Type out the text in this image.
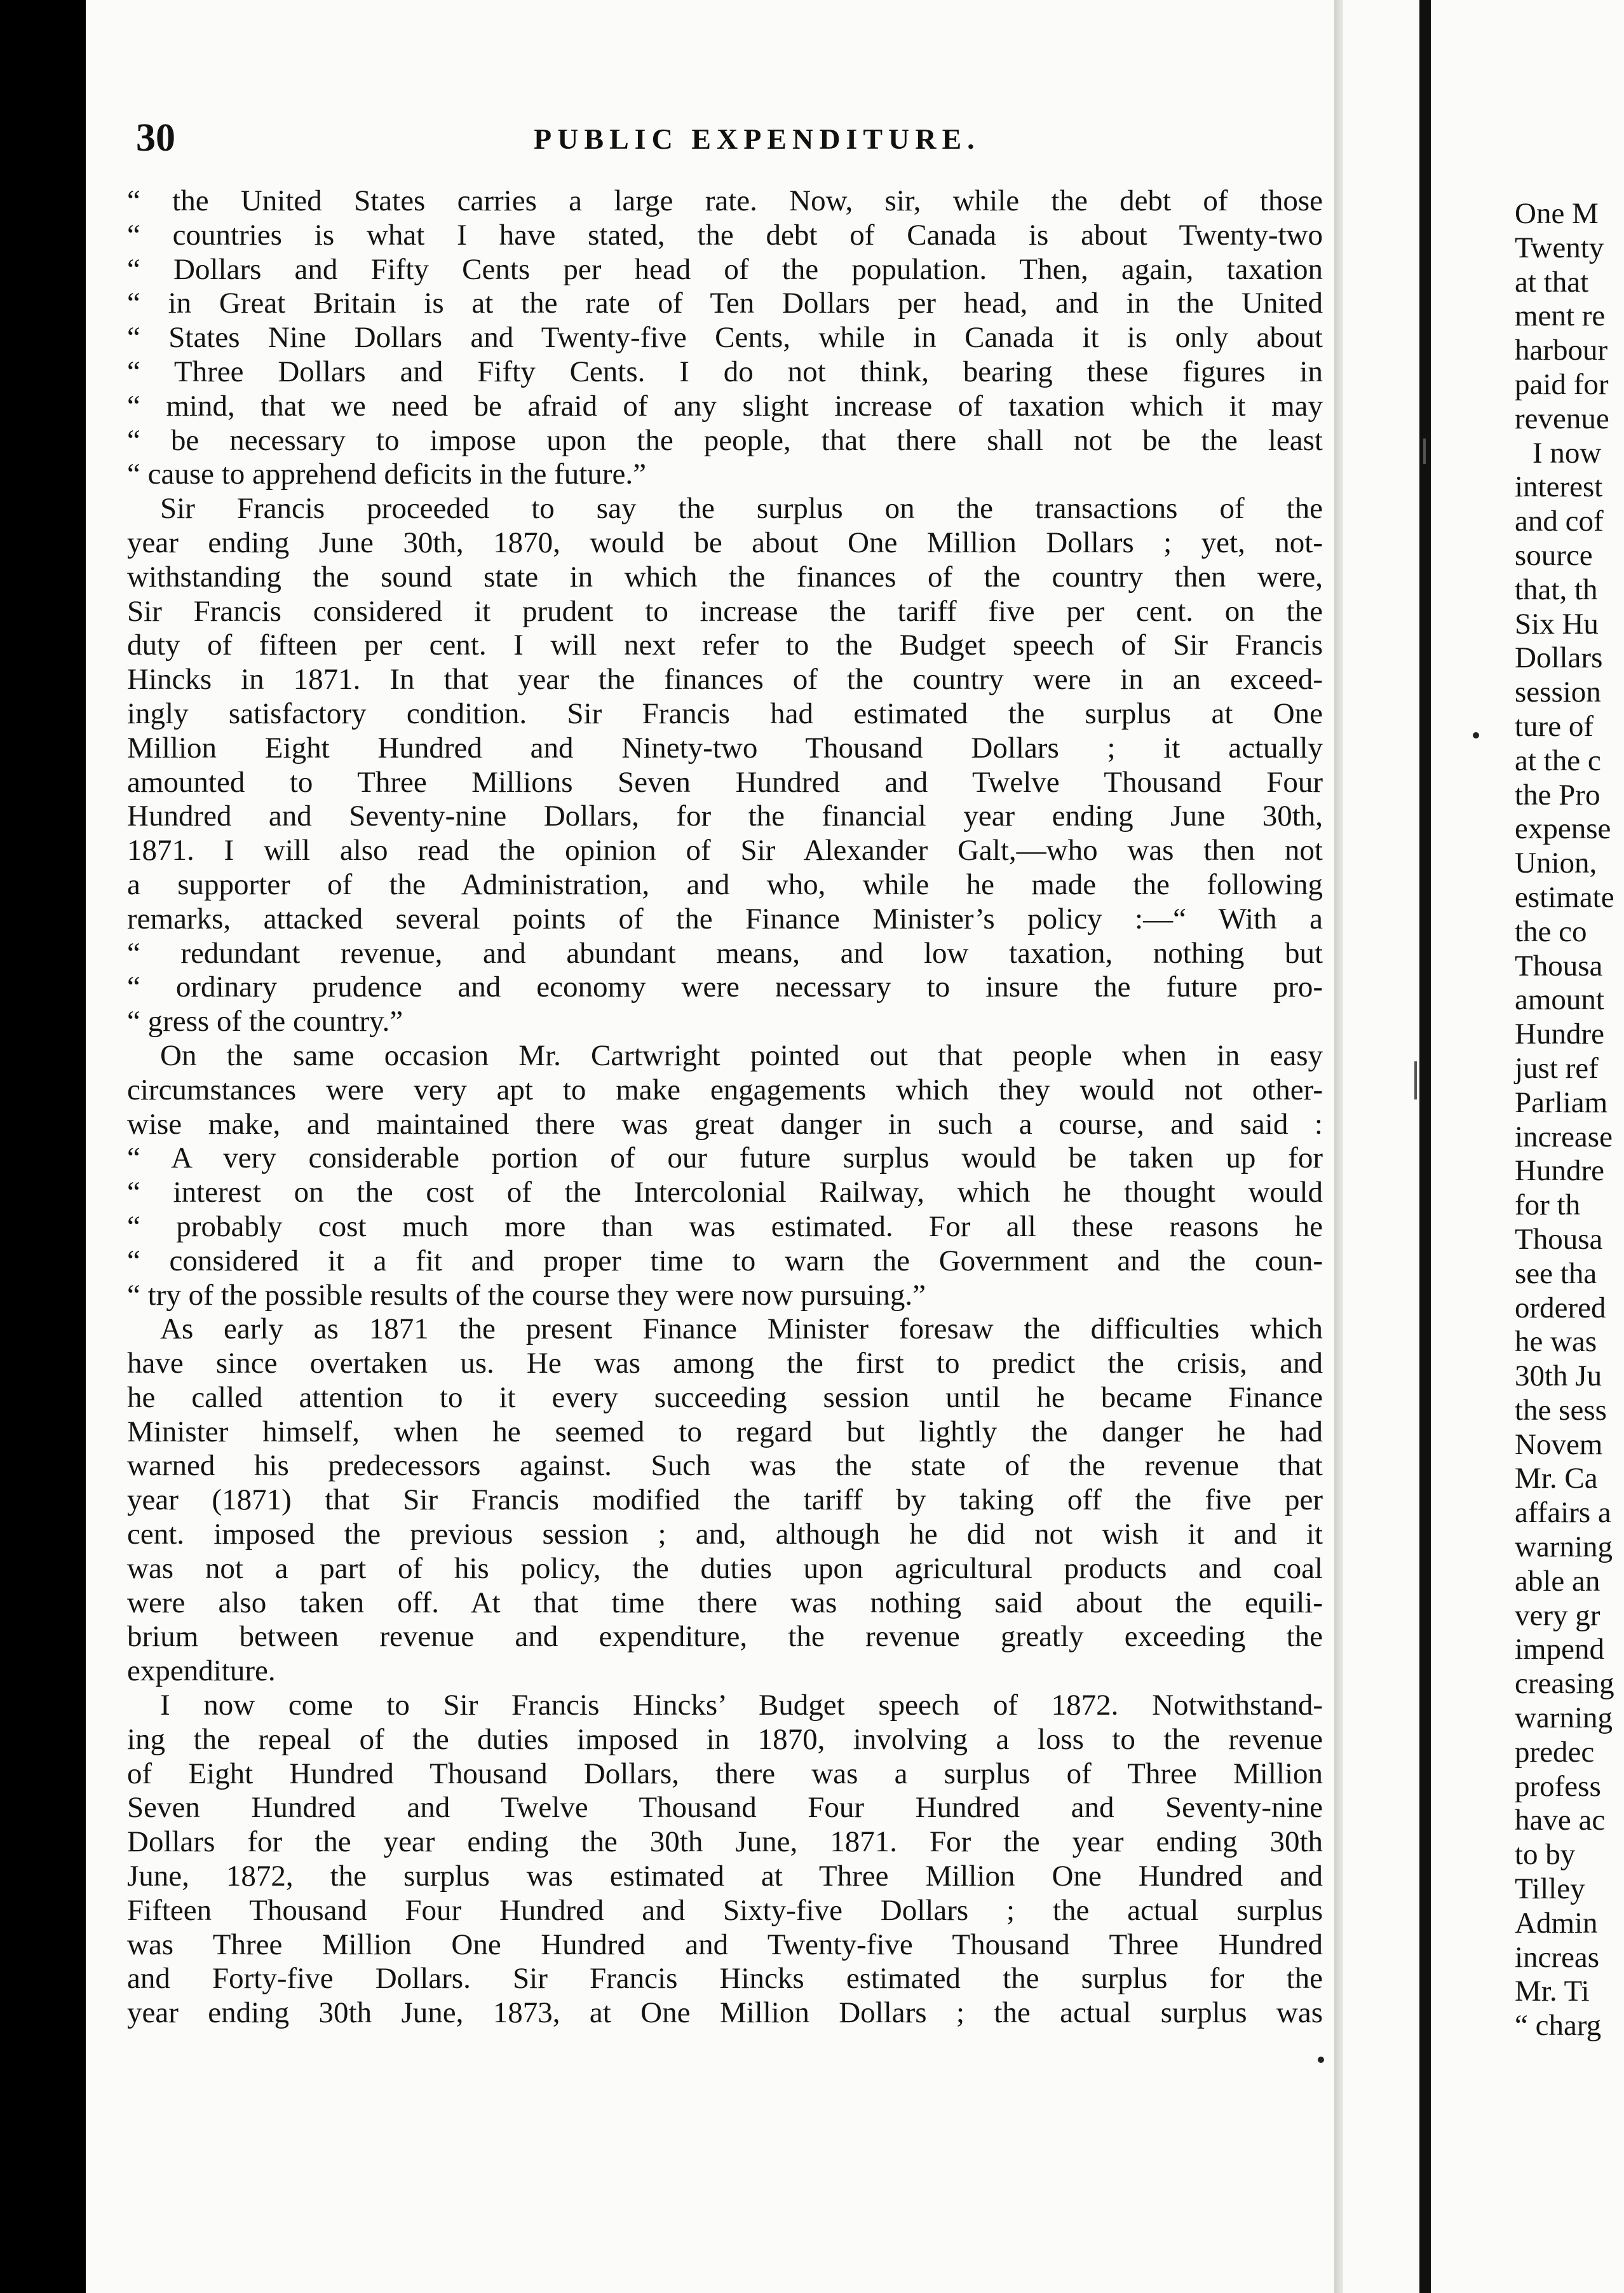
30	PUBLIC EXPENDITURE.
“ the United States carries a large rate. Now, sir, while the debt of those
“ countries is what I have stated, the debt of Canada is about Twenty-two
“ Dollars and Fifty Cents per head of the population. Then, again, taxation
“ in Great Britain is at the rate of Ten Dollars per head, and in the United
“ States Nine Dollars and Twenty-five Cents, while in Canada it is only about
“ Three Dollars and Fifty Cents. I do not think, bearing these figures in
“ mind, that we need be afraid of any slight increase of taxation which it may
“ be necessary to impose upon the people, that there shall not be the least
“ cause to apprehend deficits in the future.”
Sir Francis proceeded to say the surplus on the transactions of the
year ending June 30th, 1870, would be about One Million Dollars ; yet, not-
withstanding the sound state in which the finances of the country then were,
Sir Francis considered it prudent to increase the tariff five per cent. on the
duty of fifteen per cent. I will next refer to the Budget speech of Sir Francis
Hincks in 1871. In that year the finances of the country were in an exceed-
ingly satisfactory condition. Sir Francis had estimated the surplus at One
Million Eight Hundred and Ninety-two Thousand Dollars ; it actually
amounted to Three Millions Seven Hundred and Twelve Thousand Four
Hundred and Seventy-nine Dollars, for the financial year ending June 30th,
1871. I will also read the opinion of Sir Alexander Galt,—who was then not
a supporter of the Administration, and who, while he made the following
remarks, attacked several points of the Finance Minister’s policy :—“ With a
“ redundant revenue, and abundant means, and low taxation, nothing but
“ ordinary prudence and economy were necessary to insure the future pro-
“ gress of the country.”
On the same occasion Mr. Cartwright pointed out that people when in easy
circumstances were very apt to make engagements which they would not other-
wise make, and maintained there was great danger in such a course, and said :
“ A very considerable portion of our future surplus would be taken up for
“ interest on the cost of the Intercolonial Railway, which he thought would
“ probably cost much more than was estimated. For all these reasons he
“ considered it a fit and proper time to warn the Government and the coun-
“ try of the possible results of the course they were now pursuing.”
As early as 1871 the present Finance Minister foresaw the difficulties which
have since overtaken us. He was among the first to predict the crisis, and
he called attention to it every succeeding session until he became Finance
Minister himself, when he seemed to regard but lightly the danger he had
warned his predecessors against. Such was the state of the revenue that
year (1871) that Sir Francis modified the tariff by taking off the five per
cent. imposed the previous session ; and, although he did not wish it and it
was not a part of his policy, the duties upon agricultural products and coal
were also taken off. At that time there was nothing said about the equili-
brium between revenue and expenditure, the revenue greatly exceeding the
expenditure.
I now come to Sir Francis Hincks’ Budget speech of 1872. Notwithstand-
ing the repeal of the duties imposed in 1870, involving a loss to the revenue
of Eight Hundred Thousand Dollars, there was a surplus of Three Million
Seven Hundred and Twelve Thousand Four Hundred and Seventy-nine
Dollars for the year ending the 30th June, 1871. For the year ending 30th
June, 1872, the surplus was estimated at Three Million One Hundred and
Fifteen Thousand Four Hundred and Sixty-five Dollars ; the actual surplus
was Three Million One Hundred and Twenty-five Thousand Three Hundred
and Forty-five Dollars. Sir Francis Hincks estimated the surplus for the
year ending 30th June, 1873, at One Million Dollars ; the actual surplus was
One M
Twenty
at that
ment re
harbour
paid for
revenue
I now
interest
and cof
source
that, th
Six Hu
Dollars
session
ture of
at the c
the Pro
expense
Union,
estimate
the co
Thousa
amount
Hundre
just ref
Parliam
increase
Hundre
for th
Thousa
see tha
ordered
he was
30th Ju
the sess
Novem
Mr. Ca
affairs a
warning
able an
very gr
impend
creasing
warning
predec
profess
have ac
to by
Tilley
Admin
increas
Mr. Ti
“ charg
